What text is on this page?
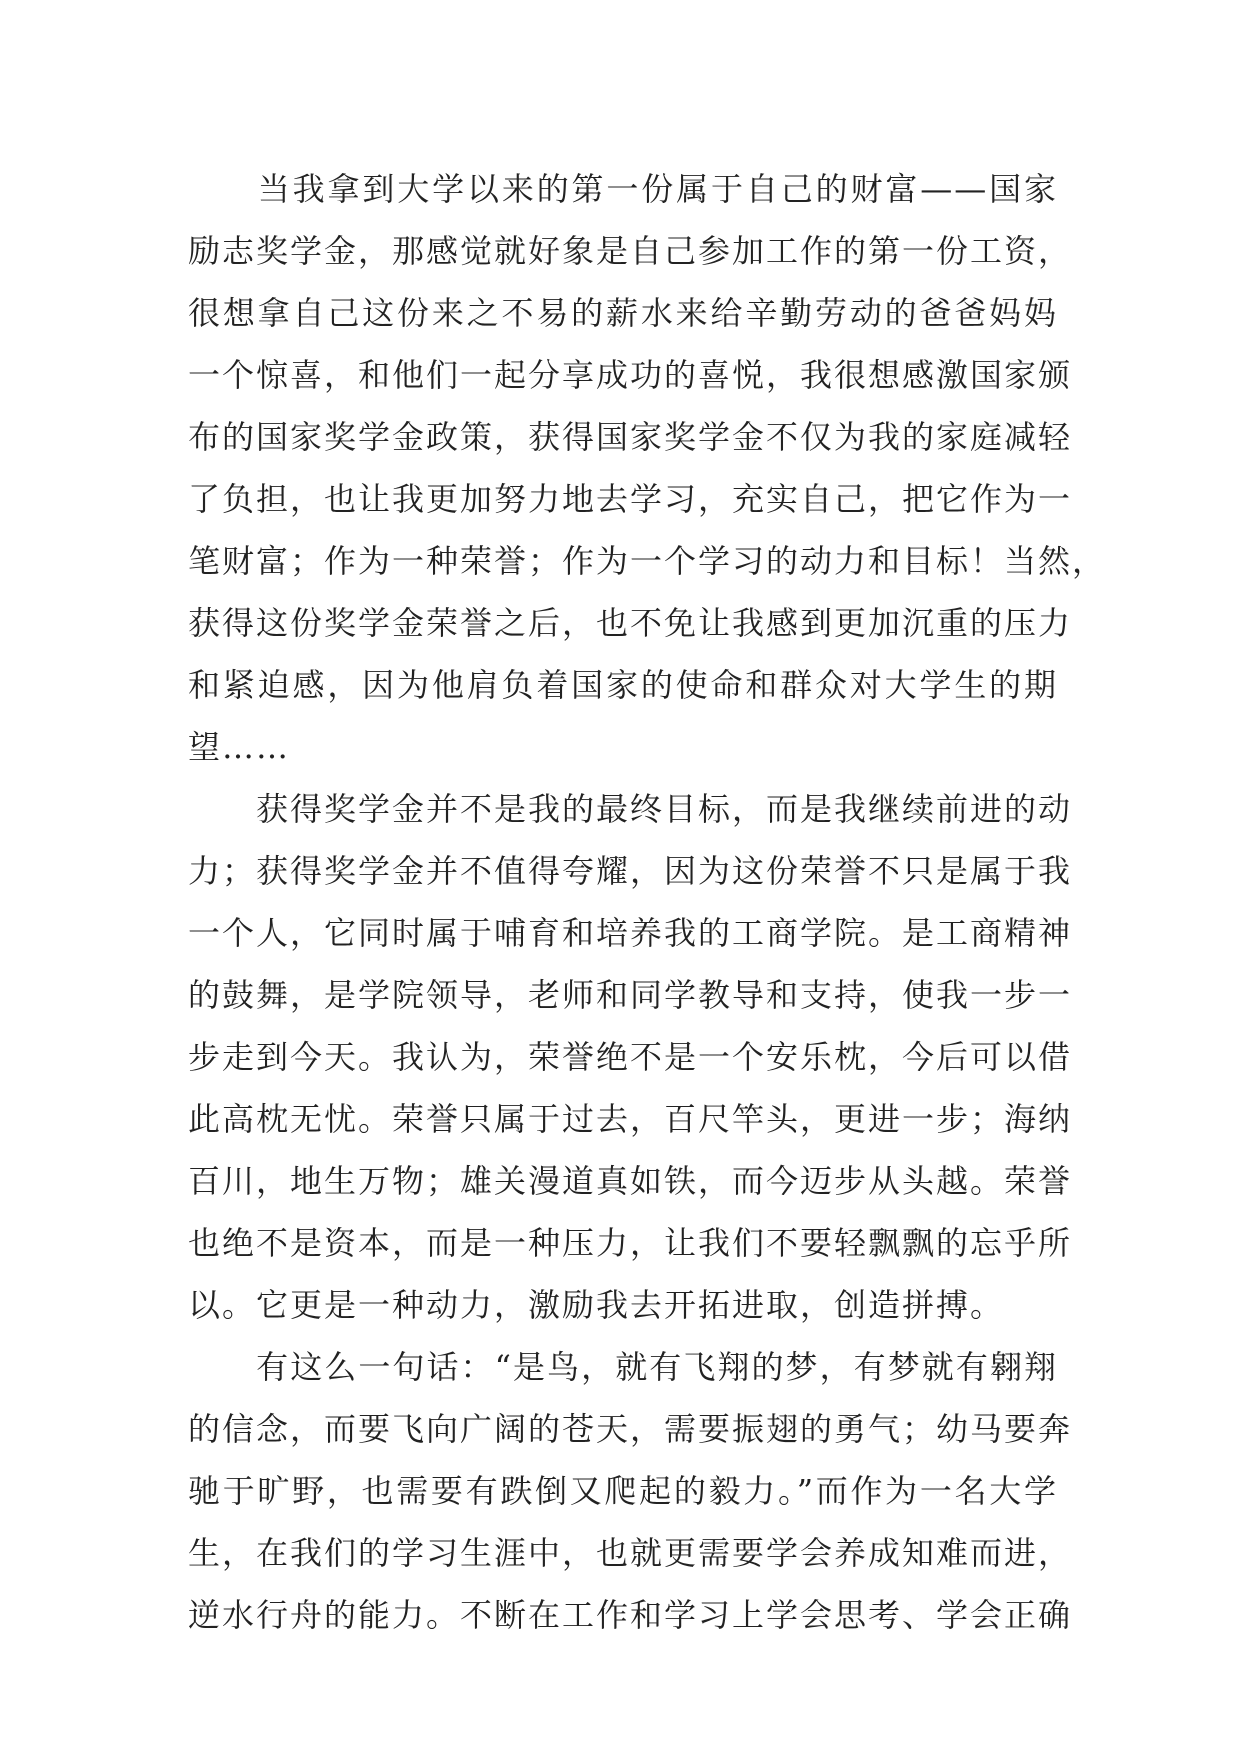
　　当我拿到大学以来的第一份属于自己的财富——国家
励志奖学金，那感觉就好象是自己参加工作的第一份工资，
很想拿自己这份来之不易的薪水来给辛勤劳动的爸爸妈妈
一个惊喜，和他们一起分享成功的喜悦，我很想感激国家颁
布的国家奖学金政策，获得国家奖学金不仅为我的家庭减轻
了负担，也让我更加努力地去学习，充实自己，把它作为一
笔财富；作为一种荣誉；作为一个学习的动力和目标！当然，
获得这份奖学金荣誉之后，也不免让我感到更加沉重的压力
和紧迫感，因为他肩负着国家的使命和群众对大学生的期
望……
　　获得奖学金并不是我的最终目标，而是我继续前进的动
力；获得奖学金并不值得夸耀，因为这份荣誉不只是属于我
一个人，它同时属于哺育和培养我的工商学院。是工商精神
的鼓舞，是学院领导，老师和同学教导和支持，使我一步一
步走到今天。我认为，荣誉绝不是一个安乐枕，今后可以借
此高枕无忧。荣誉只属于过去，百尺竿头，更进一步；海纳
百川，地生万物；雄关漫道真如铁，而今迈步从头越。荣誉
也绝不是资本，而是一种压力，让我们不要轻飘飘的忘乎所
以。它更是一种动力，激励我去开拓进取，创造拼搏。
　　有这么一句话：“是鸟，就有飞翔的梦，有梦就有翱翔
的信念，而要飞向广阔的苍天，需要振翅的勇气；幼马要奔
驰于旷野，也需要有跌倒又爬起的毅力。”而作为一名大学
生，在我们的学习生涯中，也就更需要学会养成知难而进，
逆水行舟的能力。不断在工作和学习上学会思考、学会正确
